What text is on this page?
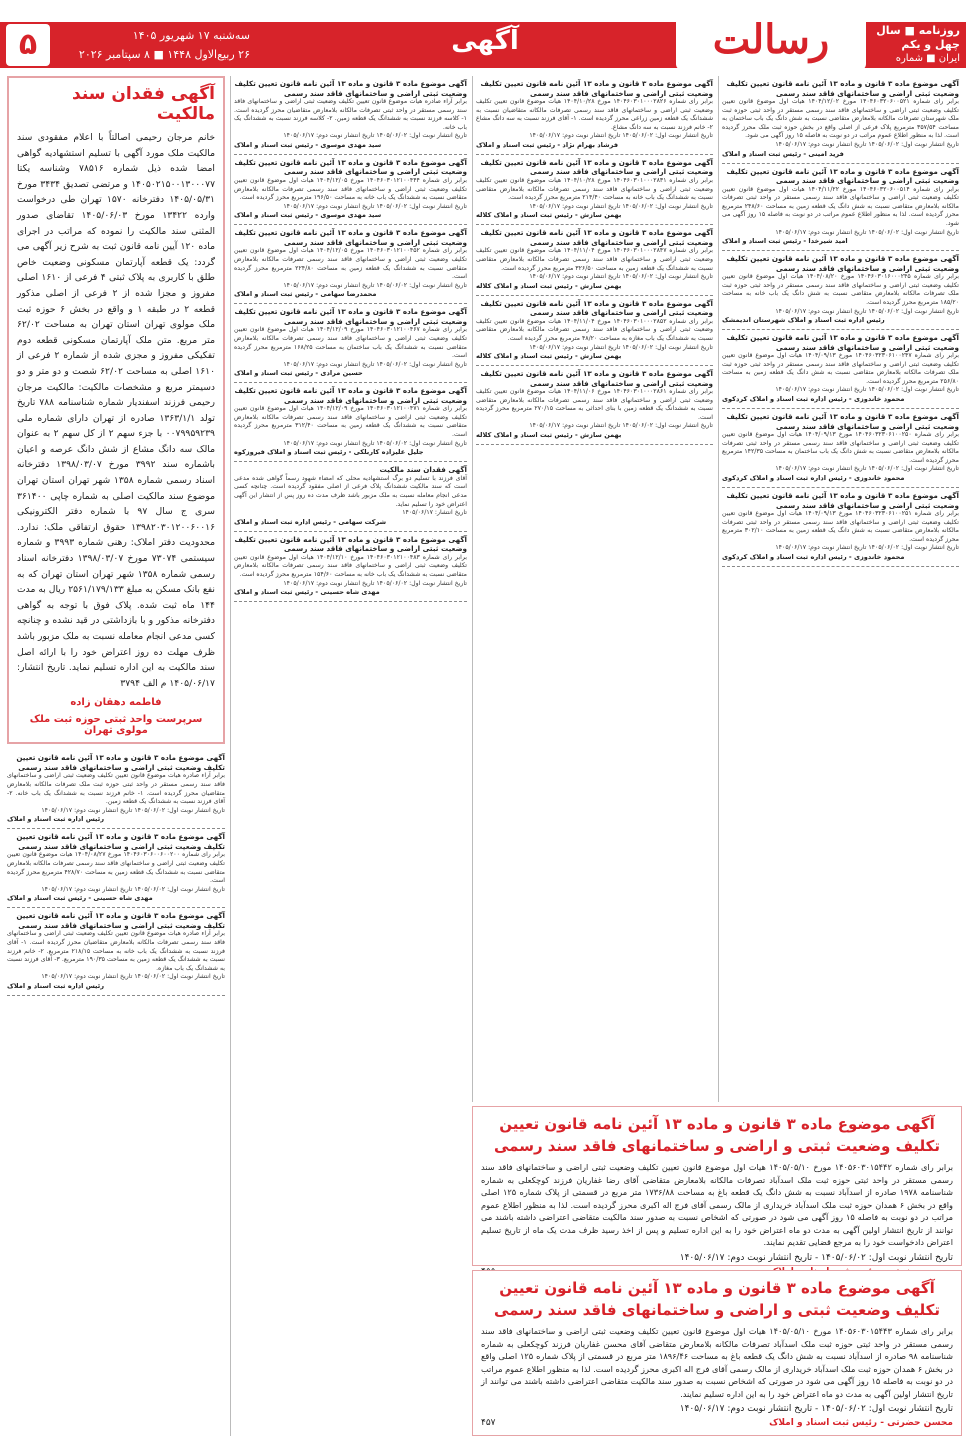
روزنامه ■ سال چهل و یکم
ایران ■ شماره ۱۱۶۳۲
رسالت
آگهی
۵	سه‌شنبه ۱۷ شهریور ۱۴۰۵
۲۶ ربیع‌الاول ۱۴۴۸ ■ ۸ سپتامبر ۲۰۲۶
آگهی موضوع ماده ۳ قانون و ماده ۱۳ آئین نامه قانون تعیین تکلیف وضعیت ثبتی اراضی و ساختمانهای فاقد سند رسمی
برابر رای شماره ۱۴۰۴۶۰۳۲۰۶۰۰۵۲۱ مورخ ۱۴۰۴/۱۲/۰۲ هیات اول موضوع قانون تعیین تکلیف وضعیت ثبتی اراضی و ساختمانهای فاقد سند رسمی مستقر در واحد ثبتی حوزه ثبت ملک شهرستان تصرفات مالکانه بلامعارض متقاضی نسبت به شش دانگ یک باب ساختمان به مساحت ۳۵۷/۵۴ مترمربع پلاک فرعی از اصلی واقع در بخش حوزه ثبت ملک محرز گردیده است. لذا به منظور اطلاع عموم مراتب در دو نوبت به فاصله ۱۵ روز آگهی می شود.
تاریخ انتشار نوبت اول: ۱۴۰۵/۰۶/۰۲ تاریخ انتشار نوبت دوم: ۱۴۰۵/۰۶/۱۷
فرید امینی - رئیس ثبت اسناد و املاک
آگهی موضوع ماده ۳ قانون و ماده ۱۳ آئین نامه قانون تعیین تکلیف وضعیت ثبتی اراضی و ساختمانهای فاقد سند رسمی
برابر رای شماره ۱۴۰۴۶۰۳۲۰۶۰۰۵۱۴ مورخ ۱۴۰۴/۱۱/۲۲ هیات اول موضوع قانون تعیین تکلیف وضعیت ثبتی اراضی و ساختمانهای فاقد سند رسمی مستقر در واحد ثبتی تصرفات مالکانه بلامعارض متقاضی نسبت به شش دانگ یک قطعه زمین به مساحت ۲۴۸/۶۰ مترمربع محرز گردیده است. لذا به منظور اطلاع عموم مراتب در دو نوبت به فاصله ۱۵ روز آگهی می شود.
تاریخ انتشار نوبت اول: ۱۴۰۵/۰۶/۰۲ تاریخ انتشار نوبت دوم: ۱۴۰۵/۰۶/۱۷
امید شیرخدا - رئیس ثبت اسناد و املاک
آگهی موضوع ماده ۳ قانون و ماده ۱۳ آئین نامه قانون تعیین تکلیف وضعیت ثبتی اراضی و ساختمانهای فاقد سند رسمی
برابر رای شماره ۱۴۰۴۶۰۳۰۱۶۰۰۰۲۴۵ مورخ ۱۴۰۴/۰۸/۲۰ هیات اول موضوع قانون تعیین تکلیف وضعیت ثبتی اراضی و ساختمانهای فاقد سند رسمی مستقر در واحد ثبتی حوزه ثبت ملک تصرفات مالکانه بلامعارض متقاضی نسبت به شش دانگ یک باب خانه به مساحت ۱۸۵/۲۰ مترمربع محرز گردیده است.
تاریخ انتشار نوبت اول: ۱۴۰۵/۰۶/۰۲ تاریخ انتشار نوبت دوم: ۱۴۰۵/۰۶/۱۷
رئیس اداره ثبت اسناد و املاک شهرستان اندیمشک
آگهی موضوع ماده ۳ قانون و ماده ۱۳ آئین نامه قانون تعیین تکلیف وضعیت ثبتی اراضی و ساختمانهای فاقد سند رسمی
برابر رای شماره ۱۴۰۴۶۰۳۲۳۰۶۱۰۰۲۴۷ مورخ ۱۴۰۴/۰۹/۱۳ هیات اول موضوع قانون تعیین تکلیف وضعیت ثبتی اراضی و ساختمانهای فاقد سند رسمی مستقر در واحد ثبتی حوزه ثبت ملک تصرفات مالکانه بلامعارض متقاضی نسبت به شش دانگ یک قطعه زمین به مساحت ۲۵۶/۸۰ مترمربع محرز گردیده است.
تاریخ انتشار نوبت اول: ۱۴۰۵/۰۶/۰۲ تاریخ انتشار نوبت دوم: ۱۴۰۵/۰۶/۱۷
محمود خاندوزی - رئیس اداره ثبت اسناد و املاک کردکوی
آگهی موضوع ماده ۳ قانون و ماده ۱۳ آئین نامه قانون تعیین تکلیف وضعیت ثبتی اراضی و ساختمانهای فاقد سند رسمی
برابر رای شماره ۱۴۰۴۶۰۳۲۳۰۶۱۰۰۲۵۰ مورخ ۱۴۰۴/۰۹/۱۳ هیات اول موضوع قانون تعیین تکلیف وضعیت ثبتی اراضی و ساختمانهای فاقد سند رسمی مستقر در واحد ثبتی تصرفات مالکانه بلامعارض متقاضی نسبت به شش دانگ یک باب ساختمان به مساحت ۱۴۲/۳۵ مترمربع محرز گردیده است.
تاریخ انتشار نوبت اول: ۱۴۰۵/۰۶/۰۲ تاریخ انتشار نوبت دوم: ۱۴۰۵/۰۶/۱۷
محمود خاندوزی - رئیس اداره ثبت اسناد و املاک کردکوی
آگهی موضوع ماده ۳ قانون و ماده ۱۳ آئین نامه قانون تعیین تکلیف وضعیت ثبتی اراضی و ساختمانهای فاقد سند رسمی
برابر رای شماره ۱۴۰۴۶۰۳۲۳۰۶۱۰۰۲۵۱ مورخ ۱۴۰۴/۰۹/۱۳ هیات اول موضوع قانون تعیین تکلیف وضعیت ثبتی اراضی و ساختمانهای فاقد سند رسمی مستقر در واحد ثبتی تصرفات مالکانه بلامعارض متقاضی نسبت به شش دانگ یک قطعه زمین به مساحت ۳۰۲/۱۰ مترمربع محرز گردیده است.
تاریخ انتشار نوبت اول: ۱۴۰۵/۰۶/۰۲ تاریخ انتشار نوبت دوم: ۱۴۰۵/۰۶/۱۷
محمود خاندوزی - رئیس اداره ثبت اسناد و املاک کردکوی
آگهی موضوع ماده ۳ قانون و ماده ۱۳ آئین نامه قانون تعیین تکلیف وضعیت ثبتی اراضی و ساختمانهای فاقد سند رسمی
برابر رای شماره ۱۴۰۴۶۰۳۰۱۰۰۰۲۸۲۶ مورخ ۱۴۰۴/۱۰/۲۸ هیات موضوع قانون تعیین تکلیف وضعیت ثبتی اراضی و ساختمانهای فاقد سند رسمی تصرفات مالکانه متقاضیان نسبت به ششدانگ یک قطعه زمین زراعی محرز گردیده است. ۱- آقای فرزند نسبت به سه دانگ مشاع ۲- خانم فرزند نسبت به سه دانگ مشاع.
تاریخ انتشار نوبت اول: ۱۴۰۵/۰۶/۰۲ تاریخ انتشار نوبت دوم: ۱۴۰۵/۰۶/۱۷
فرشاد بهرام نژاد - رئیس ثبت اسناد و املاک
آگهی موضوع ماده ۳ قانون و ماده ۱۳ آئین نامه قانون تعیین تکلیف وضعیت ثبتی اراضی و ساختمانهای فاقد سند رسمی
برابر رای شماره ۱۴۰۴۶۰۳۰۱۰۰۰۲۸۳۱ مورخ ۱۴۰۴/۱۰/۲۸ هیات موضوع قانون تعیین تکلیف وضعیت ثبتی اراضی و ساختمانهای فاقد سند رسمی تصرفات مالکانه بلامعارض متقاضی نسبت به ششدانگ یک باب خانه به مساحت ۲۱۴/۴۰ مترمربع محرز گردیده است.
تاریخ انتشار نوبت اول: ۱۴۰۵/۰۶/۰۲ تاریخ انتشار نوبت دوم: ۱۴۰۵/۰۶/۱۷
بهمن سازش - رئیس ثبت اسناد و املاک کلاله
آگهی موضوع ماده ۳ قانون و ماده ۱۳ آئین نامه قانون تعیین تکلیف وضعیت ثبتی اراضی و ساختمانهای فاقد سند رسمی
برابر رای شماره ۱۴۰۴۶۰۳۰۱۰۰۰۲۸۴۷ مورخ ۱۴۰۴/۱۱/۰۴ هیات موضوع قانون تعیین تکلیف وضعیت ثبتی اراضی و ساختمانهای فاقد سند رسمی تصرفات مالکانه بلامعارض متقاضی نسبت به ششدانگ یک قطعه زمین به مساحت ۳۲۶/۵۰ مترمربع محرز گردیده است.
تاریخ انتشار نوبت اول: ۱۴۰۵/۰۶/۰۲ تاریخ انتشار نوبت دوم: ۱۴۰۵/۰۶/۱۷
بهمن سازش - رئیس ثبت اسناد و املاک کلاله
آگهی موضوع ماده ۳ قانون و ماده ۱۳ آئین نامه قانون تعیین تکلیف وضعیت ثبتی اراضی و ساختمانهای فاقد سند رسمی
برابر رای شماره ۱۴۰۴۶۰۳۰۱۰۰۰۲۸۵۲ مورخ ۱۴۰۴/۱۱/۰۴ هیات موضوع قانون تعیین تکلیف وضعیت ثبتی اراضی و ساختمانهای فاقد سند رسمی تصرفات مالکانه بلامعارض متقاضی نسبت به ششدانگ یک باب مغازه به مساحت ۴۸/۲۰ مترمربع محرز گردیده است.
تاریخ انتشار نوبت اول: ۱۴۰۵/۰۶/۰۲ تاریخ انتشار نوبت دوم: ۱۴۰۵/۰۶/۱۷
بهمن سازش - رئیس ثبت اسناد و املاک کلاله
آگهی موضوع ماده ۳ قانون و ماده ۱۳ آئین نامه قانون تعیین تکلیف وضعیت ثبتی اراضی و ساختمانهای فاقد سند رسمی
برابر رای شماره ۱۴۰۴۶۰۳۰۱۰۰۰۲۸۶۱ مورخ ۱۴۰۴/۱۱/۰۶ هیات موضوع قانون تعیین تکلیف وضعیت ثبتی اراضی و ساختمانهای فاقد سند رسمی تصرفات مالکانه بلامعارض متقاضی نسبت به ششدانگ یک قطعه زمین با بنای احداثی به مساحت ۲۷۰/۱۵ مترمربع محرز گردیده است.
تاریخ انتشار نوبت اول: ۱۴۰۵/۰۶/۰۲ تاریخ انتشار نوبت دوم: ۱۴۰۵/۰۶/۱۷
بهمن سازش - رئیس ثبت اسناد و املاک کلاله
آگهی موضوع ماده ۳ قانون و ماده ۱۳ آئین نامه قانون تعیین تکلیف وضعیت ثبتی اراضی و ساختمانهای فاقد سند رسمی
برابر آراء صادره هیات موضوع قانون تعیین تکلیف وضعیت ثبتی اراضی و ساختمانهای فاقد سند رسمی مستقر در واحد ثبتی تصرفات مالکانه بلامعارض متقاضیان محرز گردیده است. ۱- کلاسه فرزند نسبت به ششدانگ یک قطعه زمین. ۲- کلاسه فرزند نسبت به ششدانگ یک باب خانه.
تاریخ انتشار نوبت اول: ۱۴۰۵/۰۶/۰۲ تاریخ انتشار نوبت دوم: ۱۴۰۵/۰۶/۱۷
سید مهدی موسوی - رئیس ثبت اسناد و املاک
آگهی موضوع ماده ۳ قانون و ماده ۱۳ آئین نامه قانون تعیین تکلیف وضعیت ثبتی اراضی و ساختمانهای فاقد سند رسمی
برابر رای شماره ۱۴۰۴۶۰۳۰۱۲۱۰۰۴۴۴ مورخ ۱۴۰۴/۱۲/۰۵ هیات اول موضوع قانون تعیین تکلیف وضعیت ثبتی اراضی و ساختمانهای فاقد سند رسمی تصرفات مالکانه بلامعارض متقاضی نسبت به ششدانگ یک باب خانه به مساحت ۱۹۶/۵۰ مترمربع محرز گردیده است.
تاریخ انتشار نوبت اول: ۱۴۰۵/۰۶/۰۲ تاریخ انتشار نوبت دوم: ۱۴۰۵/۰۶/۱۷
سید مهدی موسوی - رئیس ثبت اسناد و املاک
آگهی موضوع ماده ۳ قانون و ماده ۱۳ آئین نامه قانون تعیین تکلیف وضعیت ثبتی اراضی و ساختمانهای فاقد سند رسمی
برابر رای شماره ۱۴۰۴۶۰۳۰۱۲۱۰۰۴۵۲ مورخ ۱۴۰۴/۱۲/۰۵ هیات اول موضوع قانون تعیین تکلیف وضعیت ثبتی اراضی و ساختمانهای فاقد سند رسمی تصرفات مالکانه بلامعارض متقاضی نسبت به ششدانگ یک قطعه زمین به مساحت ۲۲۴/۸۰ مترمربع محرز گردیده است.
تاریخ انتشار نوبت اول: ۱۴۰۵/۰۶/۰۲ تاریخ انتشار نوبت دوم: ۱۴۰۵/۰۶/۱۷
محمدرضا سهامی - رئیس ثبت اسناد و املاک
آگهی موضوع ماده ۳ قانون و ماده ۱۳ آئین نامه قانون تعیین تکلیف وضعیت ثبتی اراضی و ساختمانهای فاقد سند رسمی
برابر رای شماره ۱۴۰۴۶۰۳۰۱۲۱۰۰۴۶۷ مورخ ۱۴۰۴/۱۲/۰۹ هیات اول موضوع قانون تعیین تکلیف وضعیت ثبتی اراضی و ساختمانهای فاقد سند رسمی تصرفات مالکانه بلامعارض متقاضی نسبت به ششدانگ یک باب ساختمان به مساحت ۱۶۸/۲۵ مترمربع محرز گردیده است.
تاریخ انتشار نوبت اول: ۱۴۰۵/۰۶/۰۲ تاریخ انتشار نوبت دوم: ۱۴۰۵/۰۶/۱۷
حسین مرادی - رئیس ثبت اسناد و املاک
آگهی موضوع ماده ۳ قانون و ماده ۱۳ آئین نامه قانون تعیین تکلیف وضعیت ثبتی اراضی و ساختمانهای فاقد سند رسمی
برابر رای شماره ۱۴۰۴۶۰۳۰۱۲۱۰۰۴۷۱ مورخ ۱۴۰۴/۱۲/۰۹ هیات اول موضوع قانون تعیین تکلیف وضعیت ثبتی اراضی و ساختمانهای فاقد سند رسمی تصرفات مالکانه بلامعارض متقاضی نسبت به ششدانگ یک قطعه زمین به مساحت ۳۱۲/۴۰ مترمربع محرز گردیده است.
تاریخ انتشار نوبت اول: ۱۴۰۵/۰۶/۰۲ تاریخ انتشار نوبت دوم: ۱۴۰۵/۰۶/۱۷
جلیل علیزاده کاربلکی - رئیس ثبت اسناد و املاک فیروزکوه
آگهی فقدان سند مالکیت
آقای فرزند با تسلیم دو برگ استشهادیه محلی که امضاء شهود رسماً گواهی شده مدعی است که سند مالکیت ششدانگ پلاک فرعی از اصلی مفقود گردیده است. چنانچه کسی مدعی انجام معامله نسبت به ملک مزبور باشد ظرف مدت ده روز پس از انتشار این آگهی اعتراض خود را تسلیم نماید.
تاریخ انتشار: ۱۴۰۵/۰۶/۱۷
شرکت سهامی - رئیس اداره ثبت اسناد و املاک
آگهی موضوع ماده ۳ قانون و ماده ۱۳ آئین نامه قانون تعیین تکلیف وضعیت ثبتی اراضی و ساختمانهای فاقد سند رسمی
برابر رای شماره ۱۴۰۴۶۰۳۰۱۲۱۰۰۴۸۳ مورخ ۱۴۰۴/۱۲/۱۰ هیات اول موضوع قانون تعیین تکلیف وضعیت ثبتی اراضی و ساختمانهای فاقد سند رسمی تصرفات مالکانه بلامعارض متقاضی نسبت به ششدانگ یک باب خانه به مساحت ۱۵۴/۶۰ مترمربع محرز گردیده است.
تاریخ انتشار نوبت اول: ۱۴۰۵/۰۶/۰۲ تاریخ انتشار نوبت دوم: ۱۴۰۵/۰۶/۱۷
مهدی شاه حسینی - رئیس ثبت اسناد و املاک
آگهی فقدان سند مالکیت
خانم مرجان رحیمی اصالتاً با اعلام مفقودی سند مالکیت ملک مورد آگهی با تسلیم استشهادیه گواهی امضا شده ذیل شماره ۷۸۵۱۶ وشناسه یکتا ۱۴۰۵۰۲۱۵۰۰۱۳۰۰۰۷۷ و مرتضی تصدیق ۳۴۳۴ مورخ ۱۴۰۵/۰۵/۳۱ دفترخانه ۱۵۷۰ تهران طی درخواست وارده ۱۳۴۲۲ مورخ ۱۴۰۵/۰۶/۰۳ تقاضای صدور المثنی سند مالکیت را نموده که مراتب در اجرای ماده ۱۲۰ آیین نامه قانون ثبت به شرح زیر آگهی می گردد: یک قطعه آپارتمان مسکونی وضعیت خاص طلق با کاربری به پلاک ثبتی ۴ فرعی از ۱۶۱۰ اصلی مفروز و مجزا شده از ۲ فرعی از اصلی مذکور قطعه ۲ در طبقه ۱ و واقع در بخش ۶ حوزه ثبت ملک مولوی تهران استان تهران به مساحت ۶۲/۰۲ متر مربع. متن ملک آپارتمان مسکونی قطعه دوم تفکیکی مفروز و مجزی شده از شماره ۲ فرعی از ۱۶۱۰ اصلی به مساحت ۶۲/۰۲ شصت و دو متر و دو دسیمتر مربع و مشخصات مالکیت: مالکیت مرجان رحیمی فرزند اسفندیار شماره شناسنامه ۷۸۸ تاریخ تولد ۱۳۶۳/۱/۱ صادره از تهران دارای شماره ملی ۰۰۷۹۹۵۹۲۳۹ با جزء سهم ۲ از کل سهم ۲ به عنوان مالک سه دانگ مشاع از شش دانگ عرصه و اعیان باشماره سند ۳۹۹۲ مورخ ۱۳۹۸/۰۳/۰۷ دفترخانه اسناد رسمی شماره ۱۳۵۸ شهر تهران استان تهران موضوع سند مالکیت اصلی به شماره چاپی ۳۶۱۴۰۰ سری ج سال ۹۷ با شماره دفتر الکترونیکی ۱۳۹۸۲۰۳۰۱۲۰۰۶۰۰۱۶ حقوق ارتفاقی ملک: ندارد. محدودیت دفتر املاک: رهنی شماره ۳۹۹۳ و شماره سیستمی ۷۳۰۷۴ مورخ ۱۳۹۸/۰۳/۰۷ دفترخانه اسناد رسمی شماره ۱۳۵۸ شهر تهران استان تهران که به نفع بانک مسکن به مبلغ ۲۵۶۱/۱۷۹/۱۳۳ ریال به مدت ۱۴۴ ماه ثبت شده. پلاک فوق با توجه به گواهی دفترخانه مذکور و با بازداشتی در قید نشده و چنانچه کسی مدعی انجام معامله نسبت به ملک مزبور باشد ظرف مهلت ده روز اعتراض خود را با ارائه اصل سند مالکیت به این اداره تسلیم نماید. تاریخ انتشار: ۱۴۰۵/۰۶/۱۷ م الف ۳۷۹۴
فاطمه دهقان زاده
سرپرست واحد ثبتی حوزه ثبت ملک مولوی تهران
آگهی موضوع ماده ۳ قانون و ماده ۱۳ آئین نامه قانون تعیین تکلیف وضعیت ثبتی اراضی و ساختمانهای فاقد سند رسمی
برابر آراء صادره هیات موضوع قانون تعیین تکلیف وضعیت ثبتی اراضی و ساختمانهای فاقد سند رسمی مستقر در واحد ثبتی حوزه ثبت ملک تصرفات مالکانه بلامعارض متقاضیان محرز گردیده است. ۱- خانم فرزند نسبت به ششدانگ یک باب خانه. ۲- آقای فرزند نسبت به ششدانگ یک قطعه زمین.
تاریخ انتشار نوبت اول: ۱۴۰۵/۰۶/۰۲ تاریخ انتشار نوبت دوم: ۱۴۰۵/۰۶/۱۷
رئیس اداره ثبت اسناد و املاک
آگهی موضوع ماده ۳ قانون و ماده ۱۳ آئین نامه قانون تعیین تکلیف وضعیت ثبتی اراضی و ساختمانهای فاقد سند رسمی
برابر رای شماره ۱۴۰۴۶۰۳۰۶۰۰۶۰۰۲۰۰ مورخ ۱۴۰۴/۰۸/۲۷ هیات موضوع قانون تعیین تکلیف وضعیت ثبتی اراضی و ساختمانهای فاقد سند رسمی تصرفات مالکانه بلامعارض متقاضی نسبت به ششدانگ یک قطعه زمین به مساحت ۴۲۸/۷۰ مترمربع محرز گردیده است.
تاریخ انتشار نوبت اول: ۱۴۰۵/۰۶/۰۲ تاریخ انتشار نوبت دوم: ۱۴۰۵/۰۶/۱۷
مهدی شاه حسینی - رئیس ثبت اسناد و املاک
آگهی موضوع ماده ۳ قانون و ماده ۱۳ آئین نامه قانون تعیین تکلیف وضعیت ثبتی اراضی و ساختمانهای فاقد سند رسمی
برابر آراء صادره هیات موضوع قانون تعیین تکلیف وضعیت ثبتی اراضی و ساختمانهای فاقد سند رسمی تصرفات مالکانه بلامعارض متقاضیان محرز گردیده است. ۱- آقای فرزند نسبت به ششدانگ یک باب خانه به مساحت ۲۱۸/۱۵ مترمربع. ۲- خانم فرزند نسبت به ششدانگ یک قطعه زمین به مساحت ۱۹۰/۳۵ مترمربع. ۳- آقای فرزند نسبت به ششدانگ یک باب مغازه.
تاریخ انتشار نوبت اول: ۱۴۰۵/۰۶/۰۲ تاریخ انتشار نوبت دوم: ۱۴۰۵/۰۶/۱۷
رئیس اداره ثبت اسناد و املاک
آگهی موضوع ماده ۳ قانون و ماده ۱۳ آئین نامه قانون تعیین تکلیف وضعیت ثبتی و اراضی و ساختمانهای فاقد سند رسمی
برابر رای شماره ۱۴۰۵۶۰۳۰۱۵۴۴۲ مورخ ۱۴۰۵/۰۵/۱۰ هیات اول موضوع قانون تعیین تکلیف وضعیت ثبتی اراضی و ساختمانهای فاقد سند رسمی مستقر در واحد ثبتی حوزه ثبت ملک اسدآباد تصرفات مالکانه بلامعارض متقاضی آقای رضا غفاریان فرزند کوچکعلی به شماره شناسنامه ۱۹۷۸ صادره از اسدآباد نسبت به شش دانگ یک قطعه باغ به مساحت ۱۷۳۶/۸۸ متر مربع در قسمتی از پلاک شماره ۱۲۵ اصلی واقع در بخش ۶ همدان حوزه ثبت ملک اسدآباد خریداری از مالک رسمی آقای فرج اله اکبری محرز گردیده است. لذا به منظور اطلاع عموم مراتب در دو نوبت به فاصله ۱۵ روز آگهی می شود در صورتی که اشخاص نسبت به صدور سند مالکیت متقاضی اعتراضی داشته باشند می توانند از تاریخ انتشار اولین آگهی به مدت دو ماه اعتراض خود را به این اداره تسلیم و پس از اخذ رسید ظرف مدت یک ماه از تاریخ تسلیم اعتراض دادخواست خود را به مرجع قضایی تقدیم نمایند.
تاریخ انتشار نوبت اول: ۱۴۰۵/۰۶/۰۲ - تاریخ انتشار نوبت دوم: ۱۴۰۵/۰۶/۱۷
آگهی موضوع ماده ۳ قانون و ماده ۱۳ آئین نامه قانون تعیین تکلیف وضعیت ثبتی و اراضی و ساختمانهای فاقد سند رسمی
برابر رای شماره ۱۴۰۵۶۰۳۰۱۵۴۴۳ مورخ ۱۴۰۵/۰۵/۱۰ هیات اول موضوع قانون تعیین تکلیف وضعیت ثبتی اراضی و ساختمانهای فاقد سند رسمی مستقر در واحد ثبتی حوزه ثبت ملک اسدآباد تصرفات مالکانه بلامعارض متقاضی آقای محسن غفاریان فرزند کوچکعلی به شماره شناسنامه ۹۸ صادره از اسدآباد نسبت به شش دانگ یک قطعه باغ به مساحت ۱۸۹۶/۴۶ متر مربع در قسمتی از پلاک شماره ۱۲۵ اصلی واقع در بخش ۶ همدان حوزه ثبت ملک اسدآباد خریداری از مالک رسمی آقای فرج اله اکبری محرز گردیده است. لذا به منظور اطلاع عموم مراتب در دو نوبت به فاصله ۱۵ روز آگهی می شود در صورتی که اشخاص نسبت به صدور سند مالکیت متقاضی اعتراضی داشته باشند می توانند از تاریخ انتشار اولین آگهی به مدت دو ماه اعتراض خود را به این اداره تسلیم نمایند.
تاریخ انتشار نوبت اول: ۱۴۰۵/۰۶/۰۲ - تاریخ انتشار نوبت دوم: ۱۴۰۵/۰۶/۱۷
محسن حضرتی - رئیس ثبت اسناد و املاک
۴۵۷
